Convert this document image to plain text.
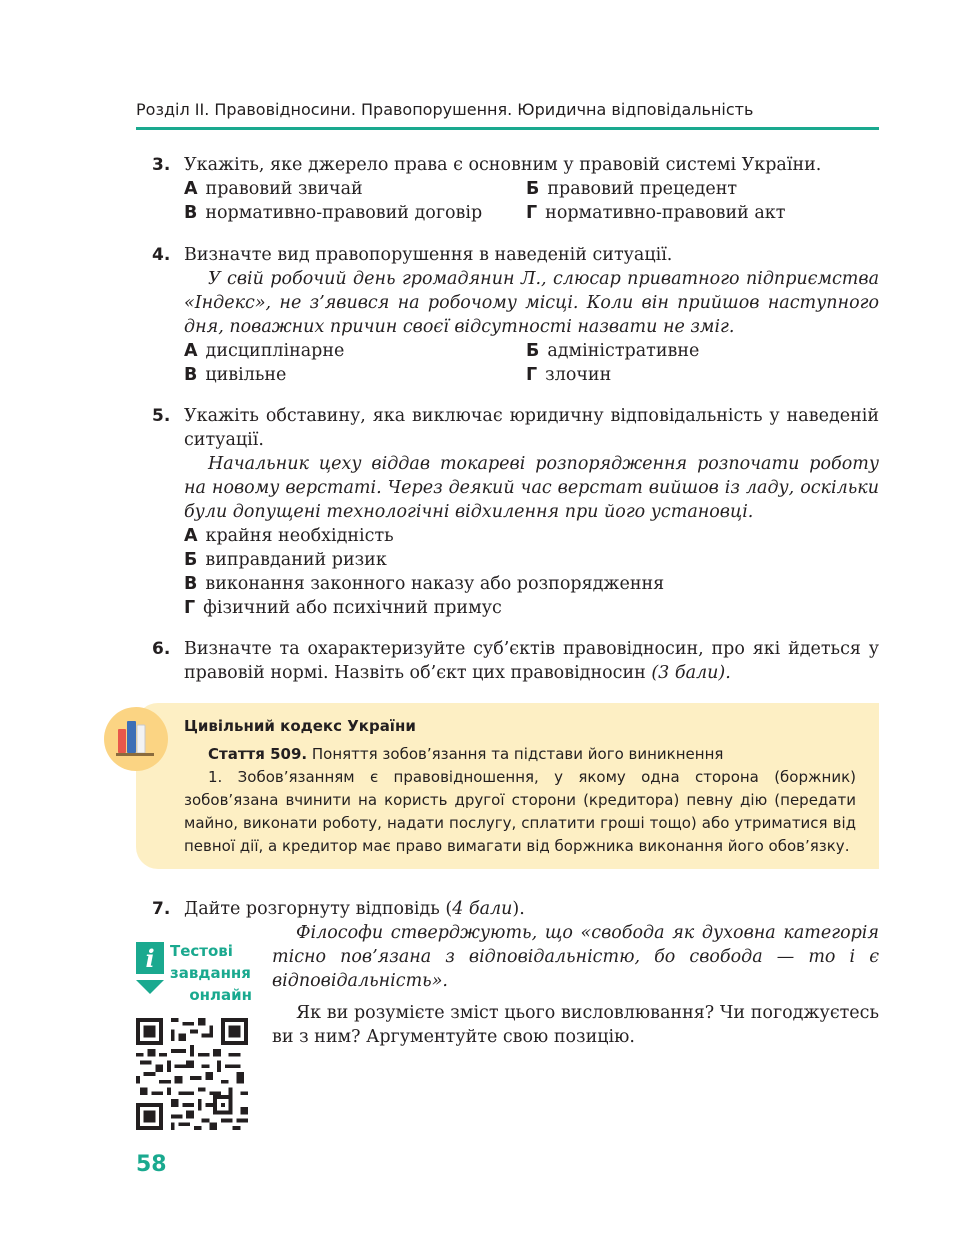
Розділ II. Правовідносини. Правопорушення. Юридична відповідальність
3. Укажіть, яке джерело права є основним у правовій системі України.
А правовий звичай	Б правовий прецедент
В нормативно-правовий договір	Г нормативно-правовий акт
4. Визначте вид правопорушення в наведеній ситуації.
У свій робочий день громадянин Л., слюсар приватного підприємства «Індекс», не з’явився на робочому місці. Коли він прийшов наступного дня, поважних причин своєї відсутності назвати не зміг.
А дисциплінарне	Б адміністративне
В цивільне	Г злочин
5. Укажіть обставину, яка виключає юридичну відповідальність у наведеній ситуації.
Начальник цеху віддав токареві розпорядження розпочати роботу на новому верстаті. Через деякий час верстат вийшов із ладу, оскільки були допущені технологічні відхилення при його установці.
А крайня необхідність
Б виправданий ризик
В виконання законного наказу або розпорядження
Г фізичний або психічний примус
6. Визначте та охарактеризуйте суб’єктів правовідносин, про які йдеться у правовій нормі. Назвіть об’єкт цих правовідносин (3 бали).
Цивільний кодекс України

Стаття 509. Поняття зобов’язання та підстави його виникнення

1. Зобов’язанням є правовідношення, у якому одна сторона (боржник) зобов’язана вчинити на користь другої сторони (кредитора) певну дію (передати майно, виконати роботу, надати послугу, сплатити гроші тощо) або утриматися від певної дії, а кредитор має право вимагати від боржника виконання його обов’язку.

7. Дайте розгорнуту відповідь (4 бали).
Філософи стверджують, що «свобода як духовна категорія тісно пов’язана з відповідальністю, бо свобода — то і є відповідальність».
Як ви розумієте зміст цього висловлювання? Чи погоджуєтесь ви з ним? Аргументуйте свою позицію.
i Тестові
завдання
онлайн
58
